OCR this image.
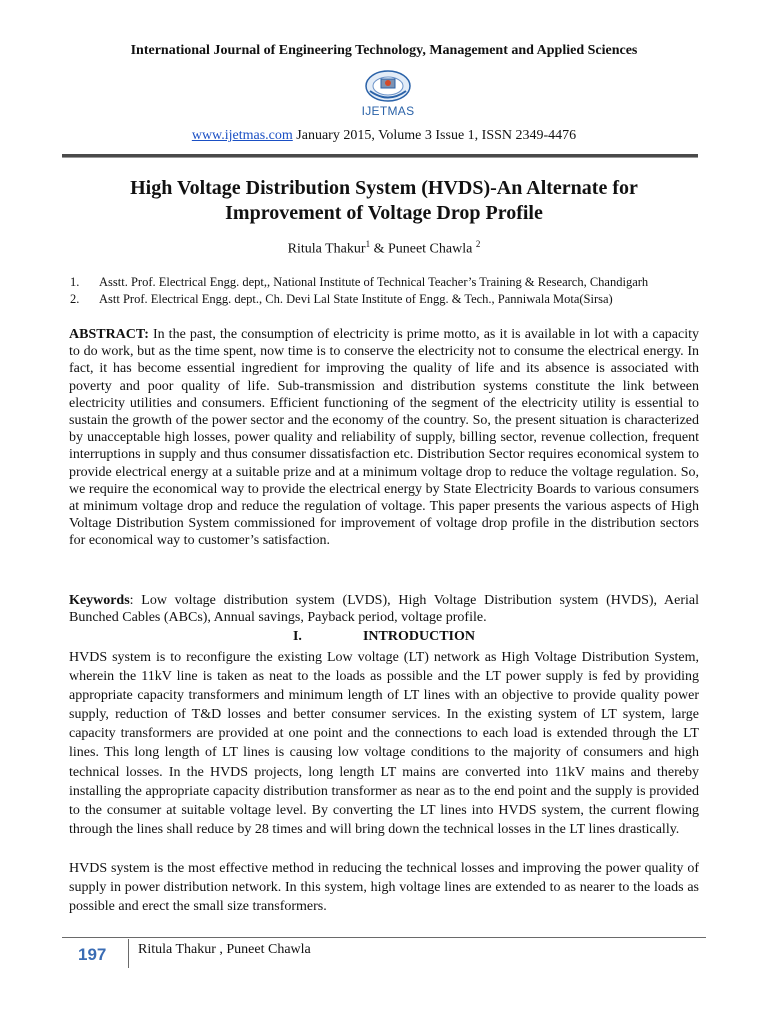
International Journal of Engineering Technology, Management and Applied Sciences
IJETMAS
www.ijetmas.com January 2015, Volume 3 Issue 1, ISSN 2349-4476
High Voltage Distribution System (HVDS)-An Alternate for
Improvement of Voltage Drop Profile
Ritula Thakur$^1$ & Puneet Chawla $^2$
1. Asstt. Prof. Electrical Engg. dept,, National Institute of Technical Teacher’s Training & Research, Chandigarh
2. Astt Prof. Electrical Engg. dept., Ch. Devi Lal State Institute of Engg. & Tech., Panniwala Mota(Sirsa)
ABSTRACT: In the past, the consumption of electricity is prime motto, as it is available in lot with a capacity to do work, but as the time spent, now time is to conserve the electricity not to consume the electrical energy. In fact, it has become essential ingredient for improving the quality of life and its absence is associated with poverty and poor quality of life. Sub-transmission and distribution systems constitute the link between electricity utilities and consumers. Efficient functioning of the segment of the electricity utility is essential to sustain the growth of the power sector and the economy of the country. So, the present situation is characterized by unacceptable high losses, power quality and reliability of supply, billing sector, revenue collection, frequent interruptions in supply and thus consumer dissatisfaction etc. Distribution Sector requires economical system to provide electrical energy at a suitable prize and at a minimum voltage drop to reduce the voltage regulation. So, we require the economical way to provide the electrical energy by State Electricity Boards to various consumers at minimum voltage drop and reduce the regulation of voltage. This paper presents the various aspects of High Voltage Distribution System commissioned for improvement of voltage drop profile in the distribution sectors for economical way to customer’s satisfaction.
Keywords: Low voltage distribution system (LVDS), High Voltage Distribution system (HVDS), Aerial Bunched Cables (ABCs), Annual savings, Payback period, voltage profile.
I.	INTRODUCTION
HVDS system is to reconfigure the existing Low voltage (LT) network as High Voltage Distribution System, wherein the 11kV line is taken as neat to the loads as possible and the LT power supply is fed by providing appropriate capacity transformers and minimum length of LT lines with an objective to provide quality power supply, reduction of T&D losses and better consumer services. In the existing system of LT system, large capacity transformers are provided at one point and the connections to each load is extended through the LT lines. This long length of LT lines is causing low voltage conditions to the majority of consumers and high technical losses. In the HVDS projects, long length LT mains are converted into 11kV mains and thereby installing the appropriate capacity distribution transformer as near as to the end point and the supply is provided to the consumer at suitable voltage level. By converting the LT lines into HVDS system, the current flowing through the lines shall reduce by 28 times and will bring down the technical losses in the LT lines drastically.
HVDS system is the most effective method in reducing the technical losses and improving the power quality of supply in power distribution network. In this system, high voltage lines are extended to as nearer to the loads as possible and erect the small size transformers.
197 Ritula Thakur , Puneet Chawla
